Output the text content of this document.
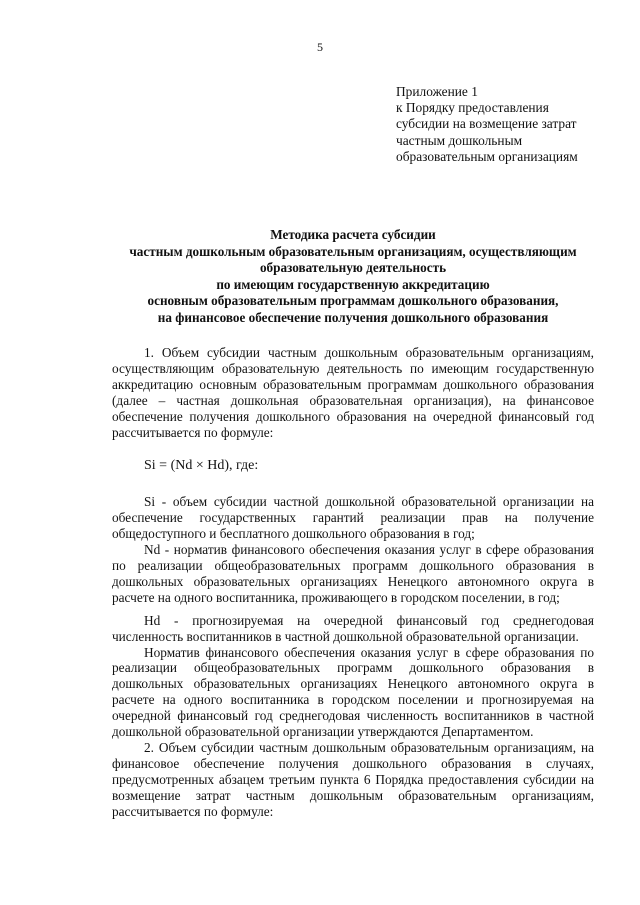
5
Приложение 1
к Порядку предоставления
субсидии на возмещение затрат
частным дошкольным
образовательным организациям
Методика расчета субсидии
частным дошкольным образовательным организациям, осуществляющим
образовательную деятельность
по имеющим государственную аккредитацию
основным образовательным программам дошкольного образования,
на финансовое обеспечение получения дошкольного образования

1. Объем субсидии частным дошкольным образовательным организациям, осуществляющим образовательную деятельность по имеющим государственную аккредитацию основным образовательным программам дошкольного образования (далее – частная дошкольная образовательная организация), на финансовое обеспечение получения дошкольного образования на очередной финансовый год рассчитывается по формуле:

Si = (Nd × Hd), где:

Si - объем субсидии частной дошкольной образовательной организации на обеспечение государственных гарантий реализации прав на получение общедоступного и бесплатного дошкольного образования в год;

Nd - норматив финансового обеспечения оказания услуг в сфере образования по реализации общеобразовательных программ дошкольного образования в дошкольных образовательных организациях Ненецкого автономного округа в расчете на одного воспитанника, проживающего в городском поселении, в год;

Hd - прогнозируемая на очередной финансовый год среднегодовая численность воспитанников в частной дошкольной образовательной организации.

Норматив финансового обеспечения оказания услуг в сфере образования по реализации общеобразовательных программ дошкольного образования в дошкольных образовательных организациях Ненецкого автономного округа в расчете на одного воспитанника в городском поселении и прогнозируемая на очередной финансовый год среднегодовая численность воспитанников в частной дошкольной образовательной организации утверждаются Департаментом.

2. Объем субсидии частным дошкольным образовательным организациям, на финансовое обеспечение получения дошкольного образования в случаях, предусмотренных абзацем третьим пункта 6 Порядка предоставления субсидии на возмещение затрат частным дошкольным образовательным организациям, рассчитывается по формуле:
